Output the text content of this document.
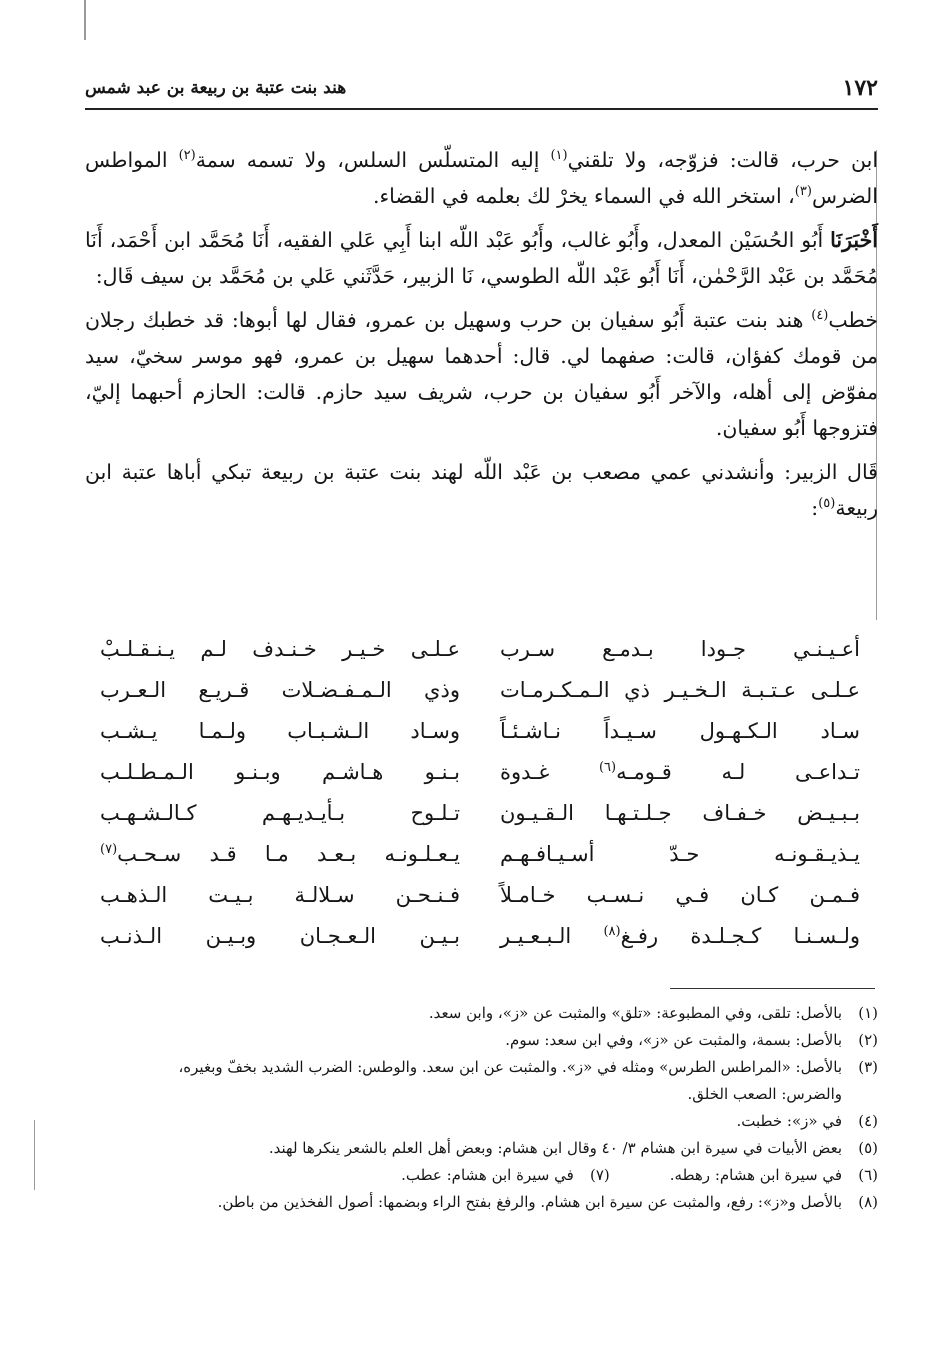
١٧٢
هند بنت عتبة بن ربيعة بن عبد شمس

ابن حرب، قالت: فزوّجه، ولا تلقني$^{(١)}$ إليه المتسلّس السلس، ولا تسمه سمة$^{(٢)}$ المواطس الضرس$^{(٣)}$، استخر الله في السماء يخرْ لك بعلمه في القضاء.

أَخْبَرَنَا أَبُو الحُسَيْن المعدل، وأَبُو غالب، وأَبُو عَبْد اللّه ابنا أَبِي عَلي الفقيه، أَنَا مُحَمَّد ابن أَحْمَد، أَنَا مُحَمَّد بن عَبْد الرَّحْمٰن، أَنَا أَبُو عَبْد اللّه الطوسي، نَا الزبير، حَدَّثَني عَلي بن مُحَمَّد بن سيف قَال:

خطب$^{(٤)}$ هند بنت عتبة أَبُو سفيان بن حرب وسهيل بن عمرو، فقال لها أبوها: قد خطبك رجلان من قومك كفؤان، قالت: صفهما لي. قال: أحدهما سهيل بن عمرو، فهو موسر سخيّ، سيد مفوّض إلى أهله، والآخر أَبُو سفيان بن حرب، شريف سيد حازم. قالت: الحازم أحبهما إليّ، فتزوجها أَبُو سفيان.

قَال الزبير: وأنشدني عمي مصعب بن عَبْد اللّه لهند بنت عتبة بن ربيعة تبكي أباها عتبة ابن ربيعة$^{(٥)}$:

أعـيـنـي جـودا بـدمـع سـرب
عـلـى خـيـر خـنـدف لـم يـنـقـلـبْ
عـلـى عـتـبـة الـخـيـر ذي الـمـكـرمـات
وذي الـمـفـضـلات قـريـع الـعـرب
سـاد الـكـهـول سـيـداً نـاشـئـاً
وسـاد الـشـبـاب ولـمـا يـشـب
تـداعـى لـه قـومـه$^{(٦)}$ غـدوة
بـنـو هـاشـم وبـنـو الـمـطـلـب
بـبـيـض خـفـاف جـلـتـهـا الـقـيـون
تـلـوح بـأيـديـهـم كـالـشـهـب
يـذيـقـونـه حـدّ أسـيـافـهـم
يـعـلـونـه بـعـد مـا قـد سـحـب$^{(٧)}$
فـمـن كـان فـي نـسـب خـامـلاً
فـنـحـن سـلالـة بـيـت الـذهـب
ولـسـنـا كـجـلـدة رفـغ$^{(٨)}$ الـبـعـيـر
بـيـن الـعـجـان وبـيـن الـذنـب
(١)
بالأصل: تلقى، وفي المطبوعة: «تلق» والمثبت عن «ز»، وابن سعد.
(٢)
بالأصل: بسمة، والمثبت عن «ز»، وفي ابن سعد: سوم.
(٣)
بالأصل: «المراطس الطرس» ومثله في «ز». والمثبت عن ابن سعد. والوطس: الضرب الشديد بخفّ وبغيره،
والضرس: الصعب الخلق.
(٤)
في «ز»: خطبت.
(٥)
بعض الأبيات في سيرة ابن هشام ٣/ ٤٠ وقال ابن هشام: وبعض أهل العلم بالشعر ينكرها لهند.
(٦)
في سيرة ابن هشام: رهطه.
(٧)
في سيرة ابن هشام: عطب.
(٨)
بالأصل و«ز»: رفع، والمثبت عن سيرة ابن هشام. والرفغ بفتح الراء وبضمها: أصول الفخذين من باطن.
